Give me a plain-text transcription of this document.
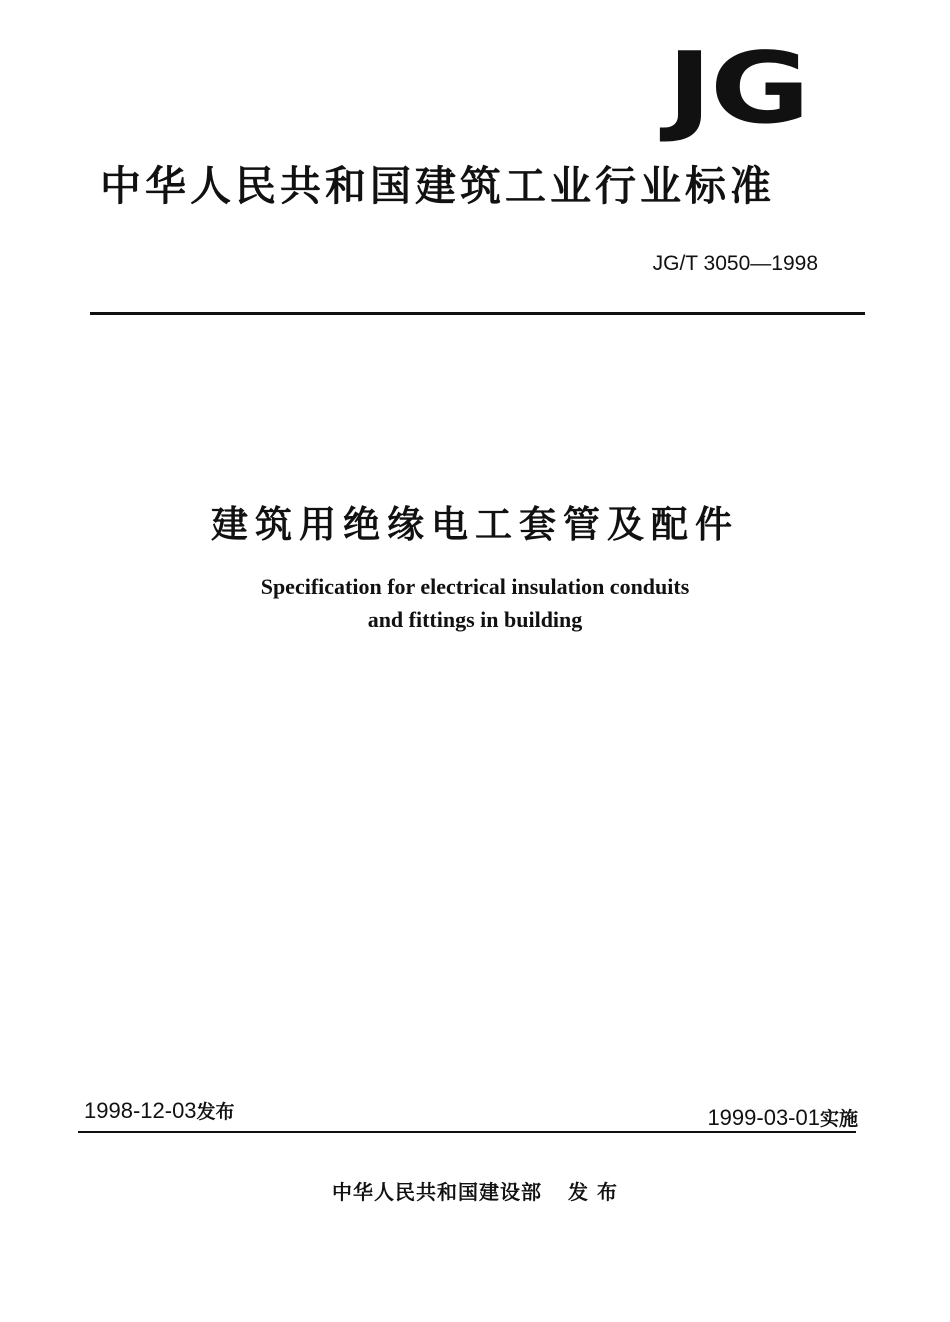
JG
中华人民共和国建筑工业行业标准
JG/T 3050—1998
建筑用绝缘电工套管及配件
Specification for electrical insulation conduits
and fittings in building
1998-12-03发布	1999-03-01实施
中华人民共和国建设部 发 布
